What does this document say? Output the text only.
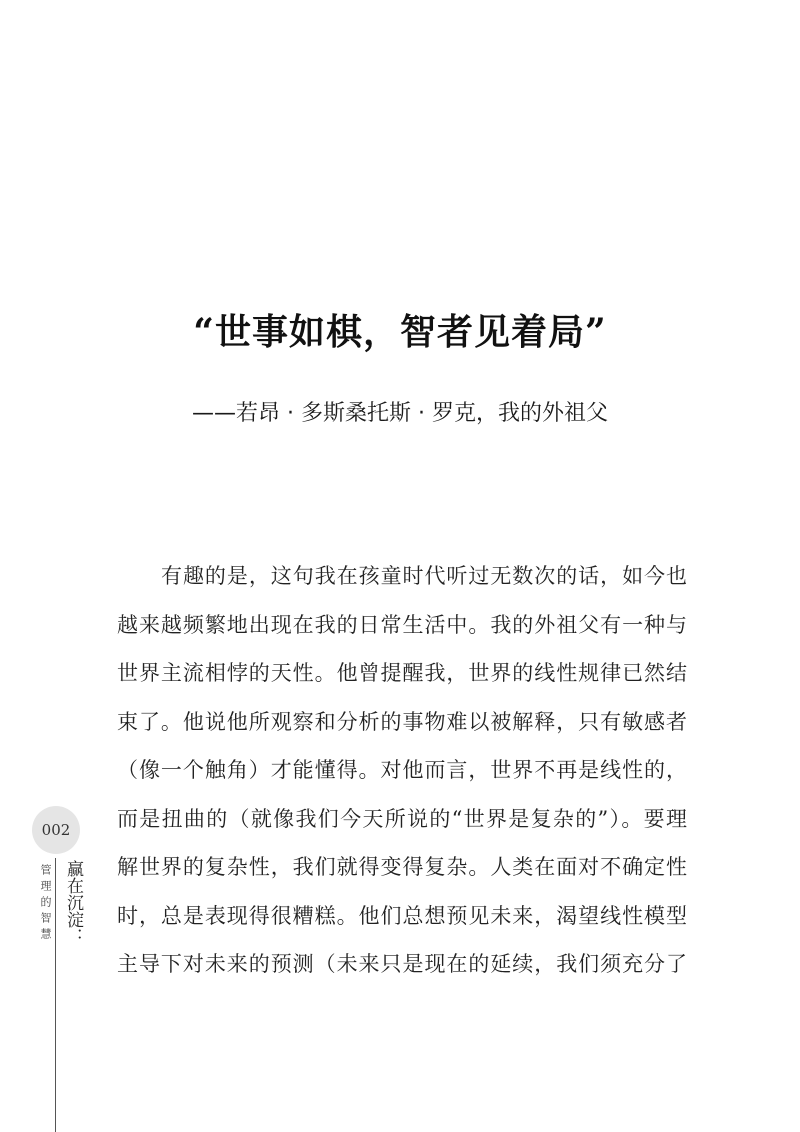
“世事如棋，智者见着局”

——若昂 · 多斯桑托斯 · 罗克，我的外祖父

有趣的是，这句我在孩童时代听过无数次的话，如今也
越来越频繁地出现在我的日常生活中。我的外祖父有一种与
世界主流相悖的天性。他曾提醒我，世界的线性规律已然结
束了。他说他所观察和分析的事物难以被解释，只有敏感者
（像一个触角）才能懂得。对他而言，世界不再是线性的，
而是扭曲的（就像我们今天所说的“世界是复杂的”）。要理
解世界的复杂性，我们就得变得复杂。人类在面对不确定性
时，总是表现得很糟糕。他们总想预见未来，渴望线性模型
主导下对未来的预测（未来只是现在的延续，我们须充分了
002
赢在沉淀：
管理的智慧
